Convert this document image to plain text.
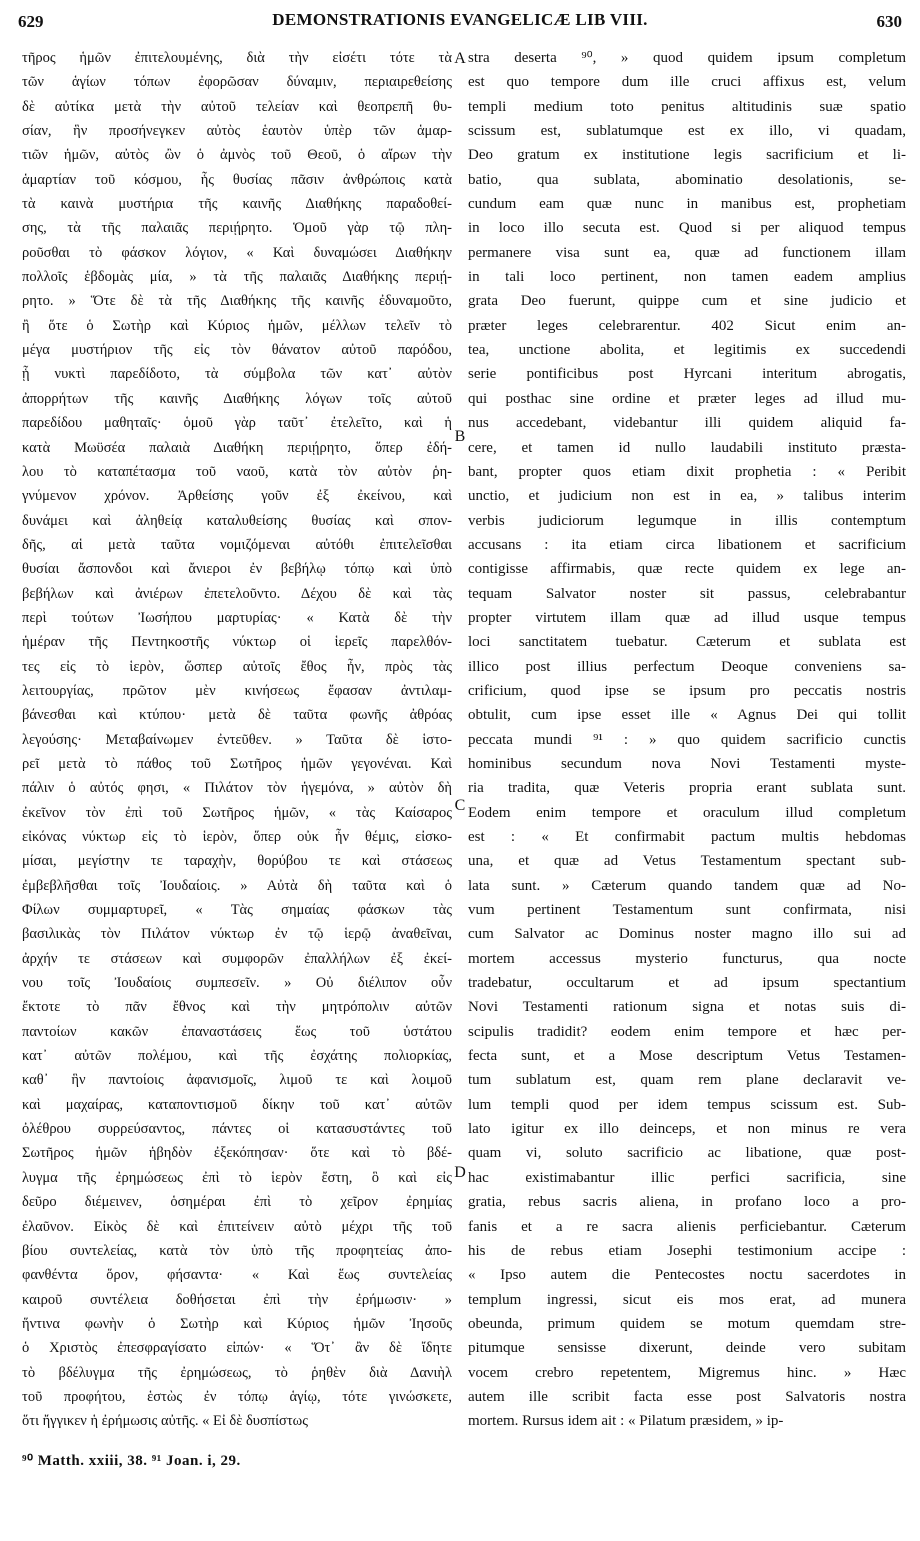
629	DEMONSTRATIONIS EVANGELICÆ LIB VIII.	630
τῆρος ἡμῶν ἐπιτελουμένης, διὰ τὴν εἰσέτι τότε τὰ
τῶν ἁγίων τόπων ἐφορῶσαν δύναμιν, περιαιρεθείσης
δὲ αὐτίκα μετὰ τὴν αὐτοῦ τελείαν καὶ θεοπρεπῆ θυ-
σίαν, ἣν προσήνεγκεν αὐτὸς ἑαυτὸν ὑπὲρ τῶν ἁμαρ-
τιῶν ἡμῶν, αὐτὸς ὢν ὁ ἀμνὸς τοῦ Θεοῦ, ὁ αἴρων τὴν
ἁμαρτίαν τοῦ κόσμου, ἧς θυσίας πᾶσιν ἀνθρώποις κατὰ
τὰ καινὰ μυστήρια τῆς καινῆς Διαθήκης παραδοθεί-
σης, τὰ τῆς παλαιᾶς περιῄρητο. Ὁμοῦ γὰρ τῷ πλη-
ροῦσθαι τὸ φάσκον λόγιον, « Καὶ δυναμώσει Διαθήκην
πολλοῖς ἑβδομὰς μία, » τὰ τῆς παλαιᾶς Διαθήκης περιῄ-
ρητο. » Ὅτε δὲ τὰ τῆς Διαθήκης τῆς καινῆς ἐδυναμοῦτο,
ἢ ὅτε ὁ Σωτὴρ καὶ Κύριος ἡμῶν, μέλλων τελεῖν τὸ
μέγα μυστήριον τῆς εἰς τὸν θάνατον αὐτοῦ παρόδου,
ᾗ νυκτὶ παρεδίδοτο, τὰ σύμβολα τῶν κατ᾽ αὐτὸν
ἀπορρήτων τῆς καινῆς Διαθήκης λόγων τοῖς αὐτοῦ
παρεδίδου μαθηταῖς· ὁμοῦ γὰρ ταῦτ᾽ ἐτελεῖτο, καὶ ἡ
κατὰ Μωϋσέα παλαιὰ Διαθήκη περιῄρητο, ὅπερ ἐδή-
λου τὸ καταπέτασμα τοῦ ναοῦ, κατὰ τὸν αὐτὸν ῥη-
γνύμενον χρόνον. Ἀρθείσης γοῦν ἐξ ἐκείνου, καὶ
δυνάμει καὶ ἀληθείᾳ καταλυθείσης θυσίας καὶ σπον-
δῆς, αἱ μετὰ ταῦτα νομιζόμεναι αὐτόθι ἐπιτελεῖσθαι
θυσίαι ἄσπονδοι καὶ ἄνιεροι ἐν βεβήλῳ τόπῳ καὶ ὑπὸ
βεβήλων καὶ ἀνιέρων ἐπετελοῦντο. Δέχου δὲ καὶ τὰς
περὶ τούτων Ἰωσήπου μαρτυρίας· « Κατὰ δὲ τὴν
ἡμέραν τῆς Πεντηκοστῆς νύκτωρ οἱ ἱερεῖς παρελθόν-
τες εἰς τὸ ἱερὸν, ὥσπερ αὐτοῖς ἔθος ἦν, πρὸς τὰς
λειτουργίας, πρῶτον μὲν κινήσεως ἔφασαν ἀντιλαμ-
βάνεσθαι καὶ κτύπου· μετὰ δὲ ταῦτα φωνῆς ἀθρόας
λεγούσης· Μεταβαίνωμεν ἐντεῦθεν. » Ταῦτα δὲ ἱστο-
ρεῖ μετὰ τὸ πάθος τοῦ Σωτῆρος ἡμῶν γεγονέναι. Καὶ
πάλιν ὁ αὐτός φησι, « Πιλάτον τὸν ἡγεμόνα, » αὐτὸν δὴ
ἐκεῖνον τὸν ἐπὶ τοῦ Σωτῆρος ἡμῶν, « τὰς Καίσαρος
εἰκόνας νύκτωρ εἰς τὸ ἱερὸν, ὅπερ οὐκ ἦν θέμις, εἰσκο-
μίσαι, μεγίστην τε ταραχὴν, θορύβου τε καὶ στάσεως
ἐμβεβλῆσθαι τοῖς Ἰουδαίοις. » Αὐτὰ δὴ ταῦτα καὶ ὁ
Φίλων συμμαρτυρεῖ, « Τὰς σημαίας φάσκων τὰς
βασιλικὰς τὸν Πιλάτον νύκτωρ ἐν τῷ ἱερῷ ἀναθεῖναι,
ἀρχήν τε στάσεων καὶ συμφορῶν ἐπαλλήλων ἐξ ἐκεί-
νου τοῖς Ἰουδαίοις συμπεσεῖν. » Οὐ διέλιπον οὖν
ἔκτοτε τὸ πᾶν ἔθνος καὶ τὴν μητρόπολιν αὐτῶν
παντοίων κακῶν ἐπαναστάσεις ἕως τοῦ ὑστάτου
κατ᾽ αὐτῶν πολέμου, καὶ τῆς ἐσχάτης πολιορκίας,
καθ᾽ ἣν παντοίοις ἀφανισμοῖς, λιμοῦ τε καὶ λοιμοῦ
καὶ μαχαίρας, καταποντισμοῦ δίκην τοῦ κατ᾽ αὐτῶν
ὀλέθρου συρρεύσαντος, πάντες οἱ κατασυστάντες τοῦ
Σωτῆρος ἡμῶν ἡβηδὸν ἐξεκόπησαν· ὅτε καὶ τὸ βδέ-
λυγμα τῆς ἐρημώσεως ἐπὶ τὸ ἱερὸν ἔστη, ὃ καὶ εἰς
δεῦρο διέμεινεν, ὁσημέραι ἐπὶ τὸ χεῖρον ἐρημίας
ἐλαῦνον. Εἰκὸς δὲ καὶ ἐπιτείνειν αὐτὸ μέχρι τῆς τοῦ
βίου συντελείας, κατὰ τὸν ὑπὸ τῆς προφητείας ἀπο-
φανθέντα ὅρον, φήσαντα· « Καὶ ἕως συντελείας
καιροῦ συντέλεια δοθήσεται ἐπὶ τὴν ἐρήμωσιν· »
ἥντινα φωνὴν ὁ Σωτὴρ καὶ Κύριος ἡμῶν Ἰησοῦς
ὁ Χριστὸς ἐπεσφραγίσατο εἰπών· « Ὅτ᾽ ἂν δὲ ἴδητε
τὸ βδέλυγμα τῆς ἐρημώσεως, τὸ ῥηθὲν διὰ Δανιὴλ
τοῦ προφήτου, ἑστὼς ἐν τόπῳ ἁγίῳ, τότε γινώσκετε,
ὅτι ἤγγικεν ἡ ἐρήμωσις αὐτῆς. « Εἰ δὲ δυσπίστως
stra deserta ⁹⁰, » quod quidem ipsum completum
est quo tempore dum ille cruci affixus est, velum
templi medium toto penitus altitudinis suæ spatio
scissum est, sublatumque est ex illo, vi quadam,
Deo gratum ex institutione legis sacrificium et li-
batio, qua sublata, abominatio desolationis, se-
cundum eam quæ nunc in manibus est, prophetiam
in loco illo secuta est. Quod si per aliquod tempus
permanere visa sunt ea, quæ ad functionem illam
in tali loco pertinent, non tamen eadem amplius
grata Deo fuerunt, quippe cum et sine judicio et
præter leges celebrarentur. 402 Sicut enim an-
tea, unctione abolita, et legitimis ex succedendi
serie pontificibus post Hyrcani interitum abrogatis,
qui posthac sine ordine et præter leges ad illud mu-
nus accedebant, videbantur illi quidem aliquid fa-
cere, et tamen id nullo laudabili instituto præsta-
bant, propter quos etiam dixit prophetia : « Peribit
unctio, et judicium non est in ea, » talibus interim
verbis judiciorum legumque in illis contemptum
accusans : ita etiam circa libationem et sacrificium
contigisse affirmabis, quæ recte quidem ex lege an-
tequam Salvator noster sit passus, celebrabantur
propter virtutem illam quæ ad illud usque tempus
loci sanctitatem tuebatur. Cæterum et sublata est
illico post illius perfectum Deoque conveniens sa-
crificium, quod ipse se ipsum pro peccatis nostris
obtulit, cum ipse esset ille « Agnus Dei qui tollit
peccata mundi ⁹¹ : » quo quidem sacrificio cunctis
hominibus secundum nova Novi Testamenti myste-
ria tradita, quæ Veteris propria erant sublata sunt.
Eodem enim tempore et oraculum illud completum
est : « Et confirmabit pactum multis hebdomas
una, et quæ ad Vetus Testamentum spectant sub-
lata sunt. » Cæterum quando tandem quæ ad No-
vum pertinent Testamentum sunt confirmata, nisi
cum Salvator ac Dominus noster magno illo sui ad
mortem accessus mysterio functurus, qua nocte
tradebatur, occultarum et ad ipsum spectantium
Novi Testamenti rationum signa et notas suis di-
scipulis tradidit? eodem enim tempore et hæc per-
fecta sunt, et a Mose descriptum Vetus Testamen-
tum sublatum est, quam rem plane declaravit ve-
lum templi quod per idem tempus scissum est. Sub-
lato igitur ex illo deinceps, et non minus re vera
quam vi, soluto sacrificio ac libatione, quæ post-
hac existimabantur illic perfici sacrificia, sine
gratia, rebus sacris aliena, in profano loco a pro-
fanis et a re sacra alienis perficiebantur. Cæterum
his de rebus etiam Josephi testimonium accipe :
« Ipso autem die Pentecostes noctu sacerdotes in
templum ingressi, sicut eis mos erat, ad munera
obeunda, primum quidem se motum quemdam stre-
pitumque sensisse dixerunt, deinde vero subitam
vocem crebro repetentem, Migremus hinc. » Hæc
autem ille scribit facta esse post Salvatoris nostra
mortem. Rursus idem ait : « Pilatum præsidem, » ip-
A
B
C
D
⁹⁰ Matth. xxiii, 38. ⁹¹ Joan. i, 29.
